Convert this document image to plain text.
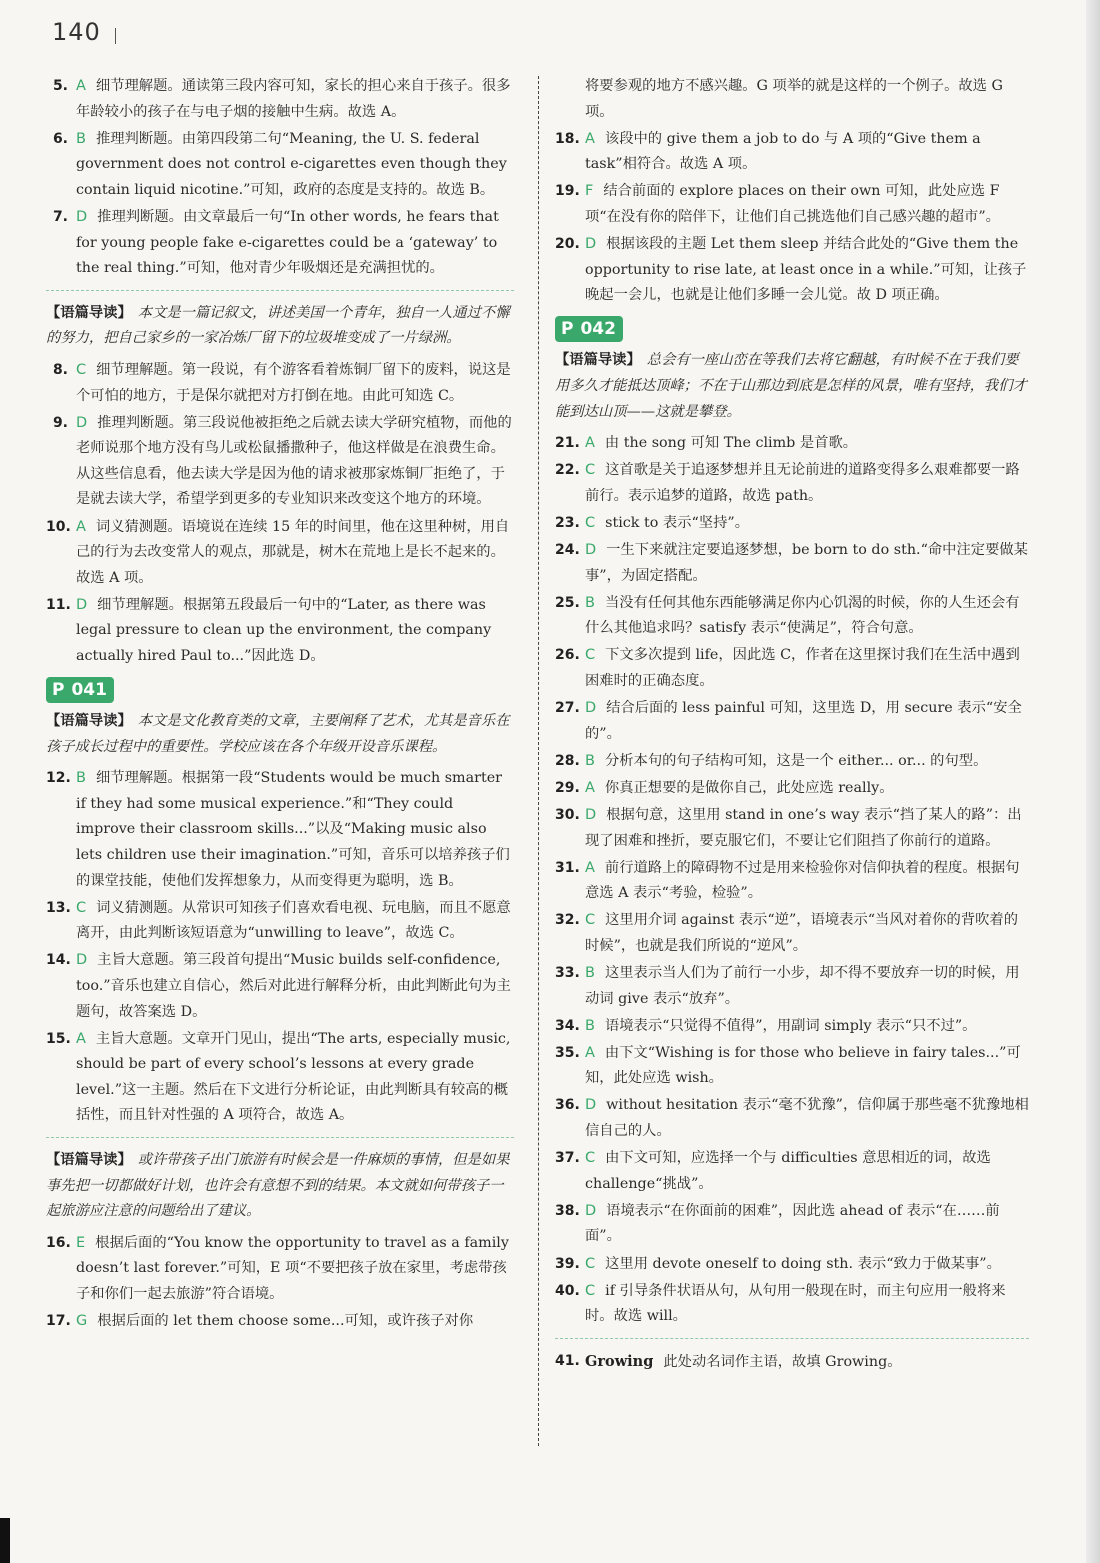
140
5. A 细节理解题。通读第三段内容可知，家长的担心来自于孩子。很多年龄较小的孩子在与电子烟的接触中生病。故选 A。
6. B 推理判断题。由第四段第二句“Meaning, the U. S. federal government does not control e-cigarettes even though they contain liquid nicotine.”可知，政府的态度是支持的。故选 B。
7. D 推理判断题。由文章最后一句“In other words, he fears that for young people fake e-cigarettes could be a ‘gateway’ to the real thing.”可知，他对青少年吸烟还是充满担忧的。
【语篇导读】 本文是一篇记叙文，讲述美国一个青年，独自一人通过不懈的努力，把自己家乡的一家冶炼厂留下的垃圾堆变成了一片绿洲。
8. C 细节理解题。第一段说，有个游客看着炼铜厂留下的废料，说这是个可怕的地方，于是保尔就把对方打倒在地。由此可知选 C。
9. D 推理判断题。第三段说他被拒绝之后就去读大学研究植物，而他的老师说那个地方没有鸟儿或松鼠播撒种子，他这样做是在浪费生命。从这些信息看，他去读大学是因为他的请求被那家炼铜厂拒绝了，于是就去读大学，希望学到更多的专业知识来改变这个地方的环境。
10. A 词义猜测题。语境说在连续 15 年的时间里，他在这里种树，用自己的行为去改变常人的观点，那就是，树木在荒地上是长不起来的。故选 A 项。
11. D 细节理解题。根据第五段最后一句中的“Later, as there was legal pressure to clean up the environment, the company actually hired Paul to...”因此选 D。
P 041
【语篇导读】 本文是文化教育类的文章，主要阐释了艺术，尤其是音乐在孩子成长过程中的重要性。学校应该在各个年级开设音乐课程。
12. B 细节理解题。根据第一段“Students would be much smarter if they had some musical experience.”和“They could improve their classroom skills...”以及“Making music also lets children use their imagination.”可知，音乐可以培养孩子们的课堂技能，使他们发挥想象力，从而变得更为聪明，选 B。
13. C 词义猜测题。从常识可知孩子们喜欢看电视、玩电脑，而且不愿意离开，由此判断该短语意为“unwilling to leave”，故选 C。
14. D 主旨大意题。第三段首句提出“Music builds self-confidence, too.”音乐也建立自信心，然后对此进行解释分析，由此判断此句为主题句，故答案选 D。
15. A 主旨大意题。文章开门见山，提出“The arts, especially music, should be part of every school’s lessons at every grade level.”这一主题。然后在下文进行分析论证，由此判断具有较高的概括性，而且针对性强的 A 项符合，故选 A。
【语篇导读】 或许带孩子出门旅游有时候会是一件麻烦的事情，但是如果事先把一切都做好计划，也许会有意想不到的结果。本文就如何带孩子一起旅游应注意的问题给出了建议。
16. E 根据后面的“You know the opportunity to travel as a family doesn’t last forever.”可知，E 项“不要把孩子放在家里，考虑带孩子和你们一起去旅游”符合语境。
17. G 根据后面的 let them choose some...可知，或许孩子对你
将要参观的地方不感兴趣。G 项举的就是这样的一个例子。故选 G 项。
18. A 该段中的 give them a job to do 与 A 项的“Give them a task”相符合。故选 A 项。
19. F 结合前面的 explore places on their own 可知，此处应选 F 项“在没有你的陪伴下，让他们自己挑选他们自己感兴趣的超市”。
20. D 根据该段的主题 Let them sleep 并结合此处的“Give them the opportunity to rise late, at least once in a while.”可知，让孩子晚起一会儿，也就是让他们多睡一会儿觉。故 D 项正确。
P 042
【语篇导读】 总会有一座山峦在等我们去将它翻越，有时候不在于我们要用多久才能抵达顶峰；不在于山那边到底是怎样的风景，唯有坚持，我们才能到达山顶——这就是攀登。
21. A 由 the song 可知 The climb 是首歌。
22. C 这首歌是关于追逐梦想并且无论前进的道路变得多么艰难都要一路前行。表示追梦的道路，故选 path。
23. C stick to 表示“坚持”。
24. D 一生下来就注定要追逐梦想，be born to do sth.“命中注定要做某事”，为固定搭配。
25. B 当没有任何其他东西能够满足你内心饥渴的时候，你的人生还会有什么其他追求吗？satisfy 表示“使满足”，符合句意。
26. C 下文多次提到 life，因此选 C，作者在这里探讨我们在生活中遇到困难时的正确态度。
27. D 结合后面的 less painful 可知，这里选 D，用 secure 表示“安全的”。
28. B 分析本句的句子结构可知，这是一个 either... or... 的句型。
29. A 你真正想要的是做你自己，此处应选 really。
30. D 根据句意，这里用 stand in one’s way 表示“挡了某人的路”：出现了困难和挫折，要克服它们，不要让它们阻挡了你前行的道路。
31. A 前行道路上的障碍物不过是用来检验你对信仰执着的程度。根据句意选 A 表示“考验，检验”。
32. C 这里用介词 against 表示“逆”，语境表示“当风对着你的背吹着的时候”，也就是我们所说的“逆风”。
33. B 这里表示当人们为了前行一小步，却不得不要放弃一切的时候，用动词 give 表示“放弃”。
34. B 语境表示“只觉得不值得”，用副词 simply 表示“只不过”。
35. A 由下文“Wishing is for those who believe in fairy tales...”可知，此处应选 wish。
36. D without hesitation 表示“毫不犹豫”，信仰属于那些毫不犹豫地相信自己的人。
37. C 由下文可知，应选择一个与 difficulties 意思相近的词，故选 challenge“挑战”。
38. D 语境表示“在你面前的困难”，因此选 ahead of 表示“在……前面”。
39. C 这里用 devote oneself to doing sth. 表示“致力于做某事”。
40. C if 引导条件状语从句，从句用一般现在时，而主句应用一般将来时。故选 will。
41. Growing 此处动名词作主语，故填 Growing。
